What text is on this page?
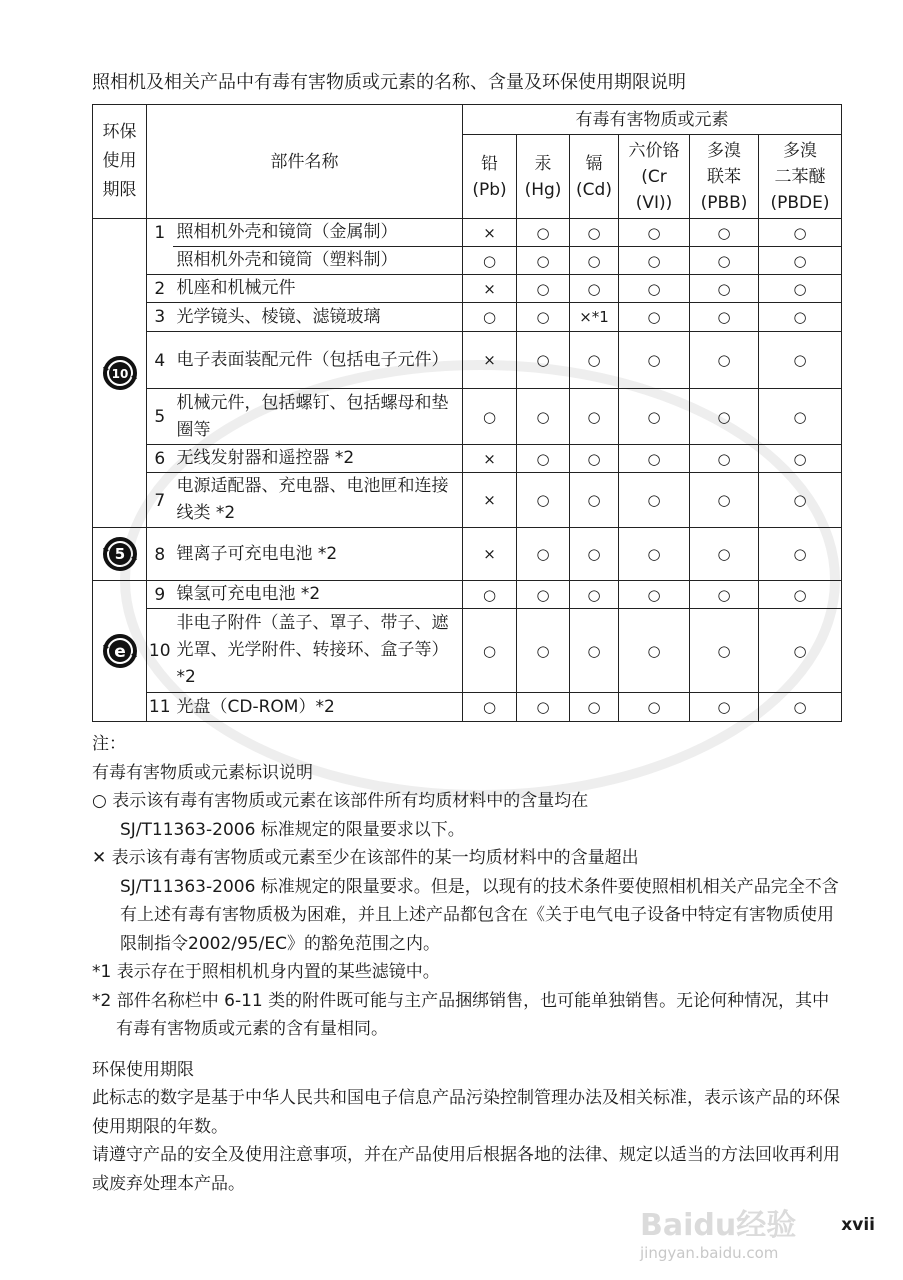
照相机及相关产品中有毒有害物质或元素的名称、含量及环保使用期限说明
环保使用期限	部件名称		有毒有害物质或元素					
			铅 (Pb)	汞 (Hg)	镉 (Cd)	六价铬 (Cr (VI))	多溴 联苯 (PBB)	多溴 二苯醚 (PBDE)

10	1	照相机外壳和镜筒（金属制）	×	○	○	○	○	○
		照相机外壳和镜筒（塑料制）	○	○	○	○	○	○
	2	机座和机械元件	×	○	○	○	○	○
	3	光学镜头、棱镜、滤镜玻璃	○	○	×*1	○	○	○
	4	电子表面装配元件（包括电子元件）	×	○	○	○	○	○
	5	机械元件，包括螺钉、包括螺母和垫圈等	○	○	○	○	○	○
	6	无线发射器和遥控器 *2	×	○	○	○	○	○
	7	电源适配器、充电器、电池匣和连接线类 *2	×	○	○	○	○	○

5	8	锂离子可充电电池 *2	×	○	○	○	○	○

e	9	镍氢可充电电池 *2	○	○	○	○	○	○
	10	非电子附件（盖子、罩子、带子、遮光罩、光学附件、转接环、盒子等）*2	○	○	○	○	○	○
	11	光盘（CD-ROM）*2	○	○	○	○	○	○

注：

有毒有害物质或元素标识说明

○ 表示该有毒有害物质或元素在该部件所有均质材料中的含量均在

SJ/T11363-2006 标准规定的限量要求以下。

✕ 表示该有毒有害物质或元素至少在该部件的某一均质材料中的含量超出

SJ/T11363-2006 标准规定的限量要求。但是，以现有的技术条件要使照相机相关产品完全不含有上述有毒有害物质极为困难，并且上述产品都包含在《关于电气电子设备中特定有害物质使用限制指令2002/95/EC》的豁免范围之内。

*1 表示存在于照相机机身内置的某些滤镜中。

*2 部件名称栏中 6-11 类的附件既可能与主产品捆绑销售，也可能单独销售。无论何种情况，其中有毒有害物质或元素的含有量相同。

环保使用期限

此标志的数字是基于中华人民共和国电子信息产品污染控制管理办法及相关标准，表示该产品的环保使用期限的年数。

请遵守产品的安全及使用注意事项，并在产品使用后根据各地的法律、规定以适当的方法回收再利用或废弃处理本产品。

Baidu经验
jingyan.baidu.com
xvii
